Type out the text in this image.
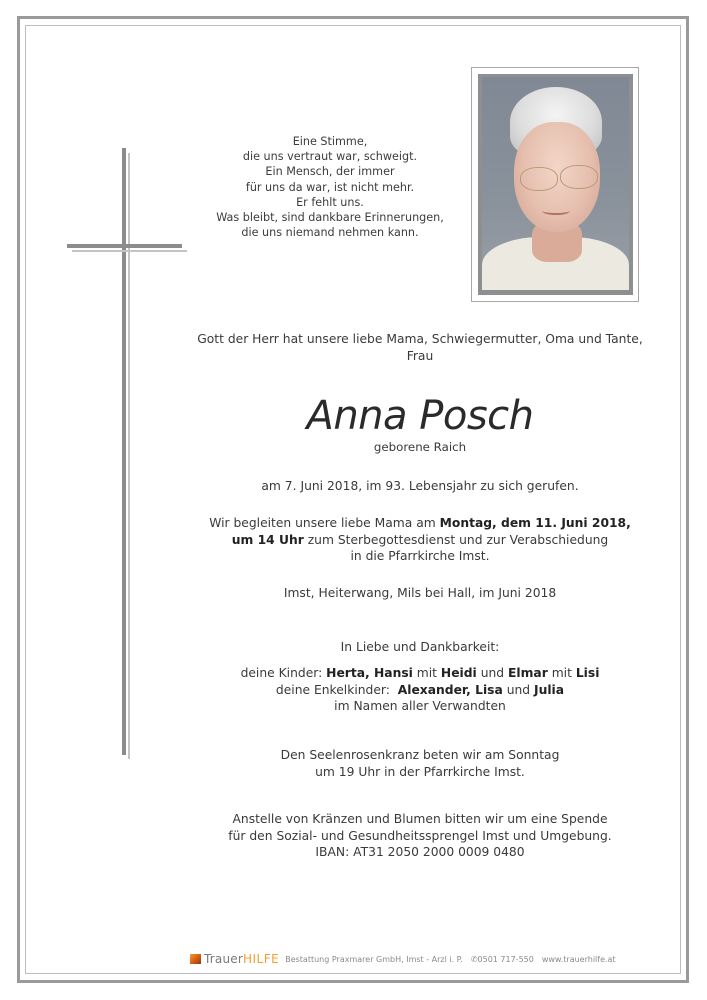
Eine Stimme,
die uns vertraut war, schweigt.
Ein Mensch, der immer
für uns da war, ist nicht mehr.
Er fehlt uns.
Was bleibt, sind dankbare Erinnerungen,
die uns niemand nehmen kann.
Gott der Herr hat unsere liebe Mama, Schwiegermutter, Oma und Tante,
Frau
Anna Posch
geborene Raich
am 7. Juni 2018, im 93. Lebensjahr zu sich gerufen.
Wir begleiten unsere liebe Mama am Montag, dem 11. Juni 2018,
um 14 Uhr zum Sterbegottesdienst und zur Verabschiedung
in die Pfarrkirche Imst.
Imst, Heiterwang, Mils bei Hall, im Juni 2018
In Liebe und Dankbarkeit:
deine Kinder: Herta, Hansi mit Heidi und Elmar mit Lisi
deine Enkelkinder:  Alexander, Lisa und Julia
im Namen aller Verwandten
Den Seelenrosenkranz beten wir am Sonntag
um 19 Uhr in der Pfarrkirche Imst.
Anstelle von Kränzen und Blumen bitten wir um eine Spende
für den Sozial- und Gesundheitssprengel Imst und Umgebung.
IBAN: AT31 2050 2000 0009 0480
Trauer HILFE Bestattung Praxmarer GmbH, Imst - Arzl i. P. ✆0501 717-550 www.trauerhilfe.at
